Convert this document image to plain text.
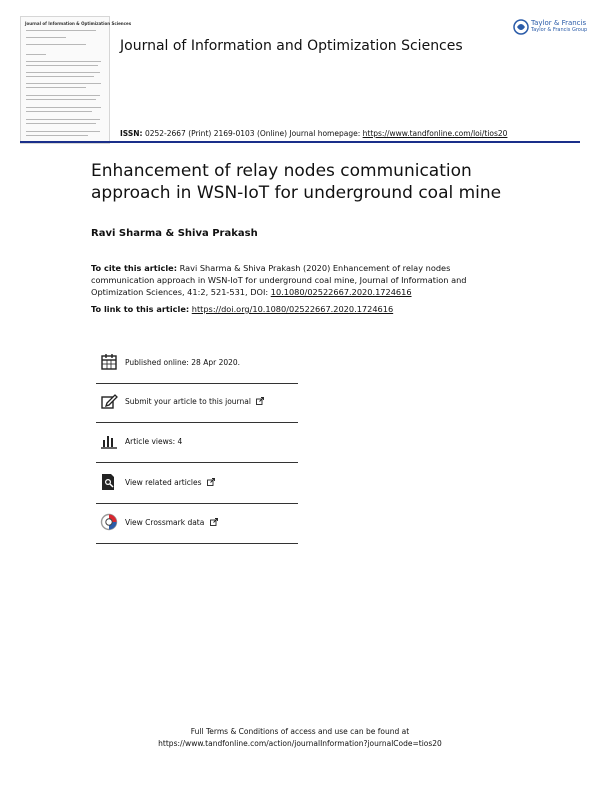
Journal of Information & Optimization Sciences
Journal of Information and Optimization Sciences
Taylor & Francis
Taylor & Francis Group
ISSN: 0252-2667 (Print) 2169-0103 (Online) Journal homepage: https://www.tandfonline.com/loi/tios20
Enhancement of relay nodes communication approach in WSN-IoT for underground coal mine
Ravi Sharma & Shiva Prakash
To cite this article: Ravi Sharma & Shiva Prakash (2020) Enhancement of relay nodes communication approach in WSN-IoT for underground coal mine, Journal of Information and Optimization Sciences, 41:2, 521-531, DOI: 10.1080/02522667.2020.1724616
To link to this article: https://doi.org/10.1080/02522667.2020.1724616
Published online: 28 Apr 2020.
Submit your article to this journal
Article views: 4
View related articles
View Crossmark data
Full Terms & Conditions of access and use can be found at
https://www.tandfonline.com/action/journalInformation?journalCode=tios20
